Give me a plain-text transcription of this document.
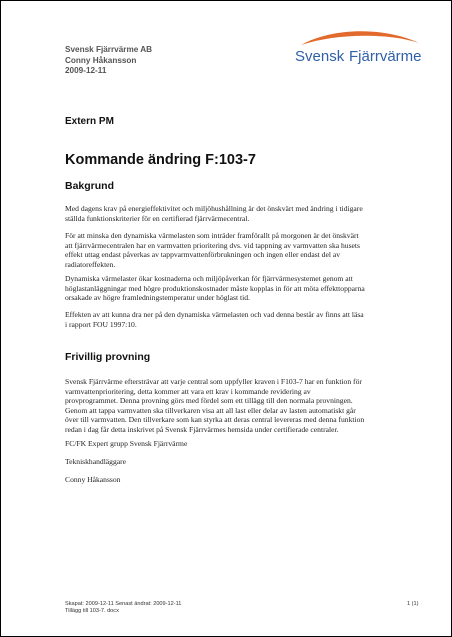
Svensk Fjärrvärme AB
Conny Håkansson
2009-12-11
Svensk Fjärrvärme
Extern PM
Kommande ändring F:103-7
Bakgrund

Med dagens krav på energieffektivitet och miljöhushållning är det önskvärt med ändring i tidigare ställda funktionskriterier för en certifierad fjärrvärmecentral.

För att minska den dynamiska värmelasten som inträder framförallt på morgonen är det önskvärt att fjärrvärmecentralen har en varmvatten prioritering dvs. vid tappning av varmvatten ska husets effekt uttag endast påverkas av tappvarmvattenförbrukningen och ingen eller endast del av radiatoreffekten.

Dynamiska värmelaster ökar kostnaderna och miljöpåverkan för fjärrvärmesystemet genom att höglastanläggningar med högre produktionskostnader måste kopplas in för att möta effekttopparna orsakade av högre framledningstemperatur under höglast tid.

Effekten av att kunna dra ner på den dynamiska värmelasten och vad denna består av finns att läsa i rapport FOU 1997:10.

Frivillig provning

Svensk Fjärrvärme eftersträvar att varje central som uppfyller kraven i F103-7 har en funktion för varmvattenprioritering, detta kommer att vara ett krav i kommande revidering av provprogrammet. Denna provning görs med fördel som ett tillägg till den normala provningen. Genom att tappa varmvatten ska tillverkaren visa att all last eller delar av lasten automatiskt går över till varmvatten. Den tillverkare som kan styrka att deras central levereras med denna funktion redan i dag får detta inskrivet på Svensk Fjärrvärmes hemsida under certifierade centraler.

FC/FK Expert grupp Svensk Fjärrvärme
Tekniskhandläggare
Conny Håkansson
Skapat: 2009-12-11 Senast ändrat: 2009-12-11
Tillägg till 103-7. docx
1 (1)
